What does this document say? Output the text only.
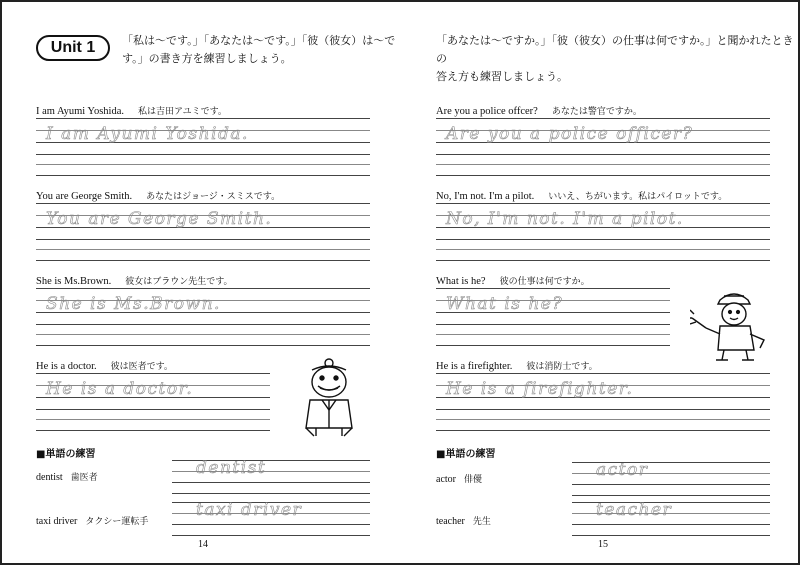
Unit 1	「私は～です。」「あなたは～です。」「彼（彼女）は～で
す。」の書き方を練習しましょう。
I am Ayumi Yoshida. 私は吉田アユミです。
I am Ayumi Yoshida.
You are George Smith. あなたはジョージ・スミスです。
You are George Smith.
She is Ms.Brown. 彼女はブラウン先生です。
She is Ms.Brown.
He is a doctor. 彼は医者です。
He is a doctor.
■単語の練習
dentist 歯医者	dentist
taxi driver タクシー運転手
taxi driver
14
「あなたは～ですか。」「彼（彼女）の仕事は何ですか。」と聞かれたときの
答え方も練習しましょう。
Are you a police offcer? あなたは警官ですか。
Are you a police officer?
No, I'm not. I'm a pilot. いいえ、ちがいます。私はパイロットです。
No, I'm not. I'm a pilot.
What is he? 彼の仕事は何ですか。
What is he?
He is a firefighter. 彼は消防士です。
He is a firefighter.
■単語の練習
actor 俳優	actor
teacher 先生
teacher
15
